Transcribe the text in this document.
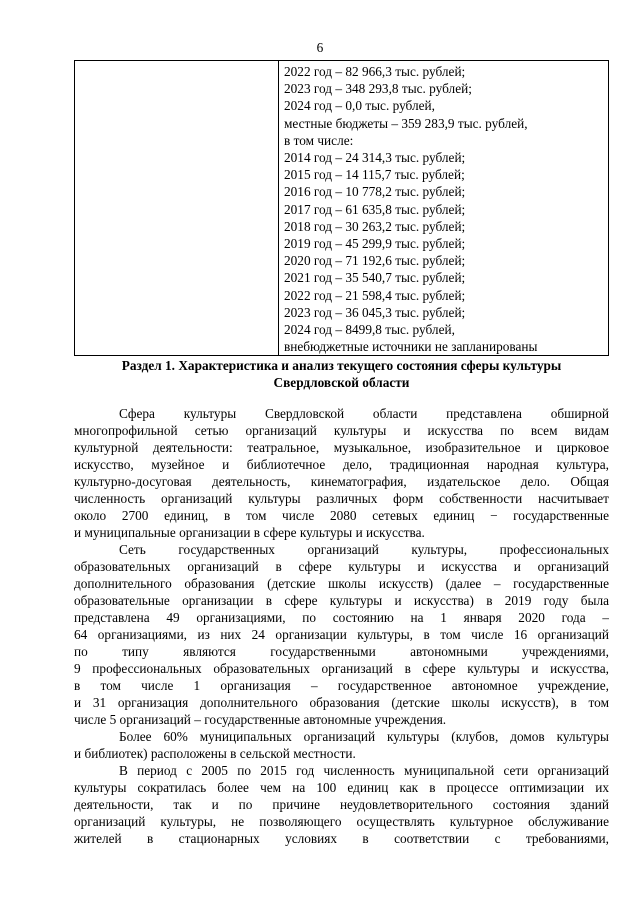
6

2022 год – 82 966,3 тыс. рублей;
2023 год – 348 293,8 тыс. рублей;
2024 год – 0,0 тыс. рублей,
местные бюджеты – 359 283,9 тыс. рублей,
в том числе:
2014 год – 24 314,3 тыс. рублей;
2015 год – 14 115,7 тыс. рублей;
2016 год – 10 778,2 тыс. рублей;
2017 год – 61 635,8 тыс. рублей;
2018 год – 30 263,2 тыс. рублей;
2019 год – 45 299,9 тыс. рублей;
2020 год – 71 192,6 тыс. рублей;
2021 год – 35 540,7 тыс. рублей;
2022 год – 21 598,4 тыс. рублей;
2023 год – 36 045,3 тыс. рублей;
2024 год – 8499,8 тыс. рублей,
внебюджетные источники не запланированы
Раздел 1. Характеристика и анализ текущего состояния сферы культуры
Свердловской области
Сфера культуры Свердловской области представлена обширной
многопрофильной сетью организаций культуры и искусства по всем видам
культурной деятельности: театральное, музыкальное, изобразительное и цирковое
искусство, музейное и библиотечное дело, традиционная народная культура,
культурно-досуговая деятельность, кинематография, издательское дело. Общая
численность организаций культуры различных форм собственности насчитывает
около 2700 единиц, в том числе 2080 сетевых единиц − государственные
и муниципальные организации в сфере культуры и искусства.
Сеть государственных организаций культуры, профессиональных
образовательных организаций в сфере культуры и искусства и организаций
дополнительного образования (детские школы искусств) (далее – государственные
образовательные организации в сфере культуры и искусства) в 2019 году была
представлена 49 организациями, по состоянию на 1 января 2020 года –
64 организациями, из них 24 организации культуры, в том числе 16 организаций
по типу являются государственными автономными учреждениями,
9 профессиональных образовательных организаций в сфере культуры и искусства,
в том числе 1 организация – государственное автономное учреждение,
и 31 организация дополнительного образования (детские школы искусств), в том
числе 5 организаций – государственные автономные учреждения.
Более 60% муниципальных организаций культуры (клубов, домов культуры
и библиотек) расположены в сельской местности.
В период с 2005 по 2015 год численность муниципальной сети организаций
культуры сократилась более чем на 100 единиц как в процессе оптимизации их
деятельности, так и по причине неудовлетворительного состояния зданий
организаций культуры, не позволяющего осуществлять культурное обслуживание
жителей в стационарных условиях в соответствии с требованиями,
